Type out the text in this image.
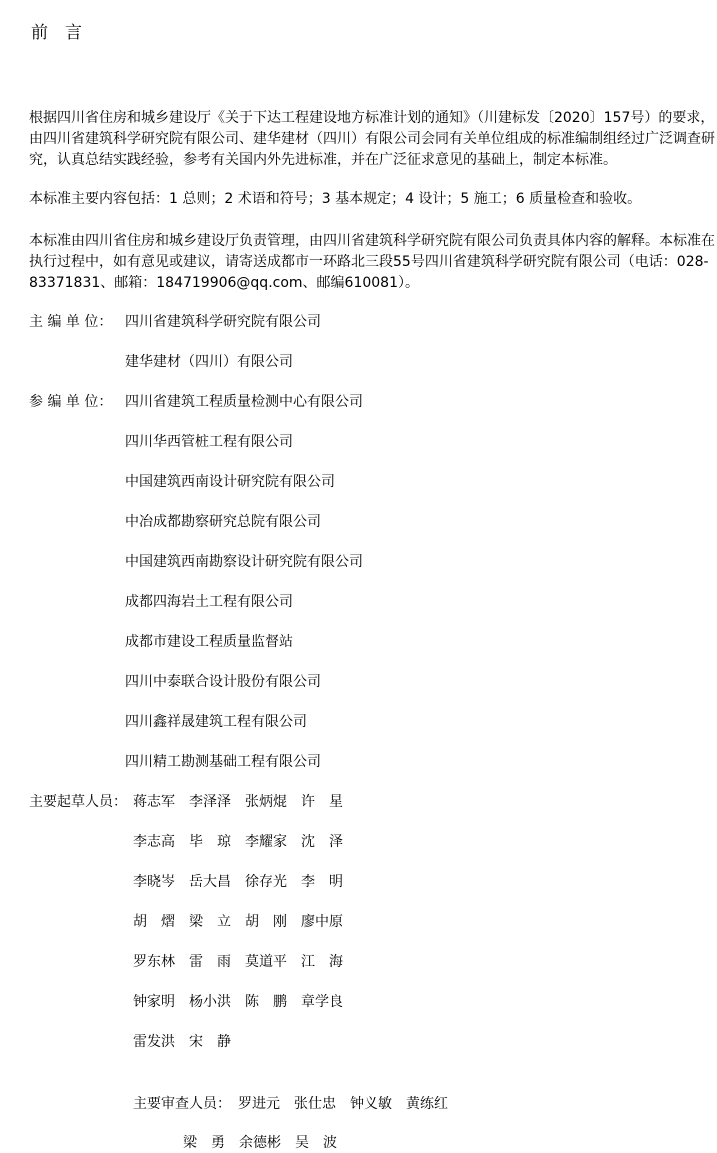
前　言

根据四川省住房和城乡建设厅《关于下达工程建设地方标准计划的通知》（川建标发〔2020〕157号）的要求，由四川省建筑科学研究院有限公司、建华建材（四川）有限公司会同有关单位组成的标准编制组经过广泛调查研究，认真总结实践经验，参考有关国内外先进标准，并在广泛征求意见的基础上，制定本标准。

本标准主要内容包括：1 总则；2 术语和符号；3 基本规定；4 设计；5 施工；6 质量检查和验收。

本标准由四川省住房和城乡建设厅负责管理，由四川省建筑科学研究院有限公司负责具体内容的解释。本标准在执行过程中，如有意见或建议，请寄送成都市一环路北三段55号四川省建筑科学研究院有限公司（电话：028-83371831、邮箱：184719906@qq.com、邮编610081）。

主 编 单 位： 四川省建筑科学研究院有限公司
建华建材（四川）有限公司
参 编 单 位： 四川省建筑工程质量检测中心有限公司
四川华西管桩工程有限公司
中国建筑西南设计研究院有限公司
中冶成都勘察研究总院有限公司
中国建筑西南勘察设计研究院有限公司
成都四海岩土工程有限公司
成都市建设工程质量监督站
四川中泰联合设计股份有限公司
四川鑫祥晟建筑工程有限公司
四川精工勘测基础工程有限公司
主要起草人员： 蒋志军 李泽泽 张炳焜 许　星
李志高 毕　琼 李耀家 沈　泽
李晓岑 岳大昌 徐存光 李　明
胡　熠 梁　立 胡　刚 廖中原
罗东林 雷　雨 莫道平 江　海
钟家明 杨小洪 陈　鹏 章学良
雷发洪 宋　静
主要审查人员： 罗进元 张仕忠 钟义敏 黄练红
梁　勇 余德彬 吴　波
